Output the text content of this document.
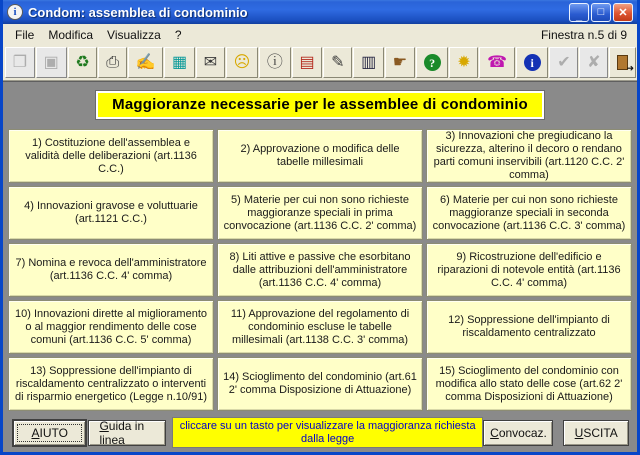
i Condom: assemblea di condominio	_ □ ✕
File	Modifica	Visualizza	?	Finestra n.5 di 9
❐ ▣ ♻ ⎙ ✍ ▦ ✉ ☹ ⓘ ▤ ✎ ▥ ☛	?	✹ ☎	i	✔ ✘
➜
Maggioranze necessarie per le assemblee di condominio
1) Costituzione dell'assemblea e validità delle deliberazioni (art.1136 C.C.)
2) Approvazione o modifica delle tabelle millesimali
3) Innovazioni che pregiudicano la sicurezza, alterino il decoro o rendano parti comuni inservibili (art.1120 C.C. 2' comma)
4) Innovazioni gravose e voluttuarie (art.1121 C.C.)
5) Materie per cui non sono richieste maggioranze speciali in prima convocazione (art.1136 C.C. 2' comma)
6) Materie per cui non sono richieste maggioranze speciali in seconda convocazione (art.1136 C.C. 3' comma)
7) Nomina e revoca dell'amministratore (art.1136 C.C. 4' comma)
8) Liti attive e passive che esorbitano dalle attribuzioni dell'amministratore (art.1136 C.C. 4' comma)
9) Ricostruzione dell'edificio e riparazioni di notevole entità (art.1136 C.C. 4' comma)
10) Innovazioni dirette al miglioramento o al maggior rendimento delle cose comuni (art.1136 C.C. 5' comma)
11) Approvazione del regolamento di condominio escluse le tabelle millesimali (art.1138 C.C. 3' comma)
12) Soppressione dell'impianto di riscaldamento centralizzato
13) Soppressione dell'impianto di riscaldamento centralizzato o interventi di risparmio energetico (Legge n.10/91)
14) Scioglimento del condominio (art.61 2' comma Disposizione di Attuazione)
15) Scioglimento del condominio con modifica allo stato delle cose (art.62 2' comma Disposizioni di Attuazione)
AIUTO	Guida in linea
cliccare su un tasto per visualizzare la maggioranza richiesta dalla legge	Convocaz. USCITA
